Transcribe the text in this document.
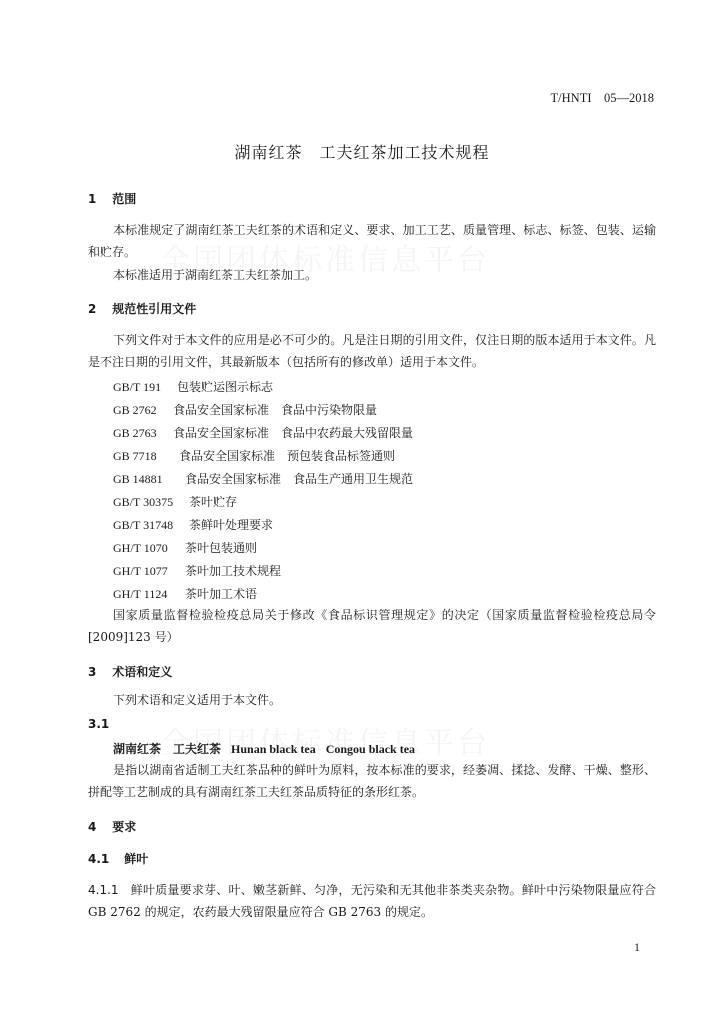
T/HNTI　05—2018
湖南红茶　工夫红茶加工技术规程
1 范围
本标准规定了湖南红茶工夫红茶的术语和定义、要求、加工工艺、质量管理、标志、标签、包装、运输和贮存。
本标准适用于湖南红茶工夫红茶加工。
2 规范性引用文件
下列文件对于本文件的应用是必不可少的。凡是注日期的引用文件，仅注日期的版本适用于本文件。凡是不注日期的引用文件，其最新版本（包括所有的修改单）适用于本文件。
GB/T 191 包装贮运图示标志
GB 2762 食品安全国家标准　食品中污染物限量
GB 2763 食品安全国家标准　食品中农药最大残留限量
GB 7718 食品安全国家标准　预包装食品标签通则
GB 14881 食品安全国家标准　食品生产通用卫生规范
GB/T 30375 茶叶贮存
GB/T 31748 茶鲜叶处理要求
GH/T 1070 茶叶包装通则
GH/T 1077 茶叶加工技术规程
GH/T 1124 茶叶加工术语
国家质量监督检验检疫总局关于修改《食品标识管理规定》的决定（国家质量监督检验检疫总局令[2009]123 号）
3 术语和定义
下列术语和定义适用于本文件。
3.1
湖南红茶　工夫红茶 Hunan black tea Congou black tea
是指以湖南省适制工夫红茶品种的鲜叶为原料，按本标准的要求，经萎凋、揉捻、发酵、干燥、整形、拼配等工艺制成的具有湖南红茶工夫红茶品质特征的条形红茶。
4 要求
4.1 鲜叶
4.1.1 鲜叶质量要求芽、叶、嫩茎新鲜、匀净，无污染和无其他非茶类夹杂物。鲜叶中污染物限量应符合 GB 2762 的规定，农药最大残留限量应符合 GB 2763 的规定。
1
